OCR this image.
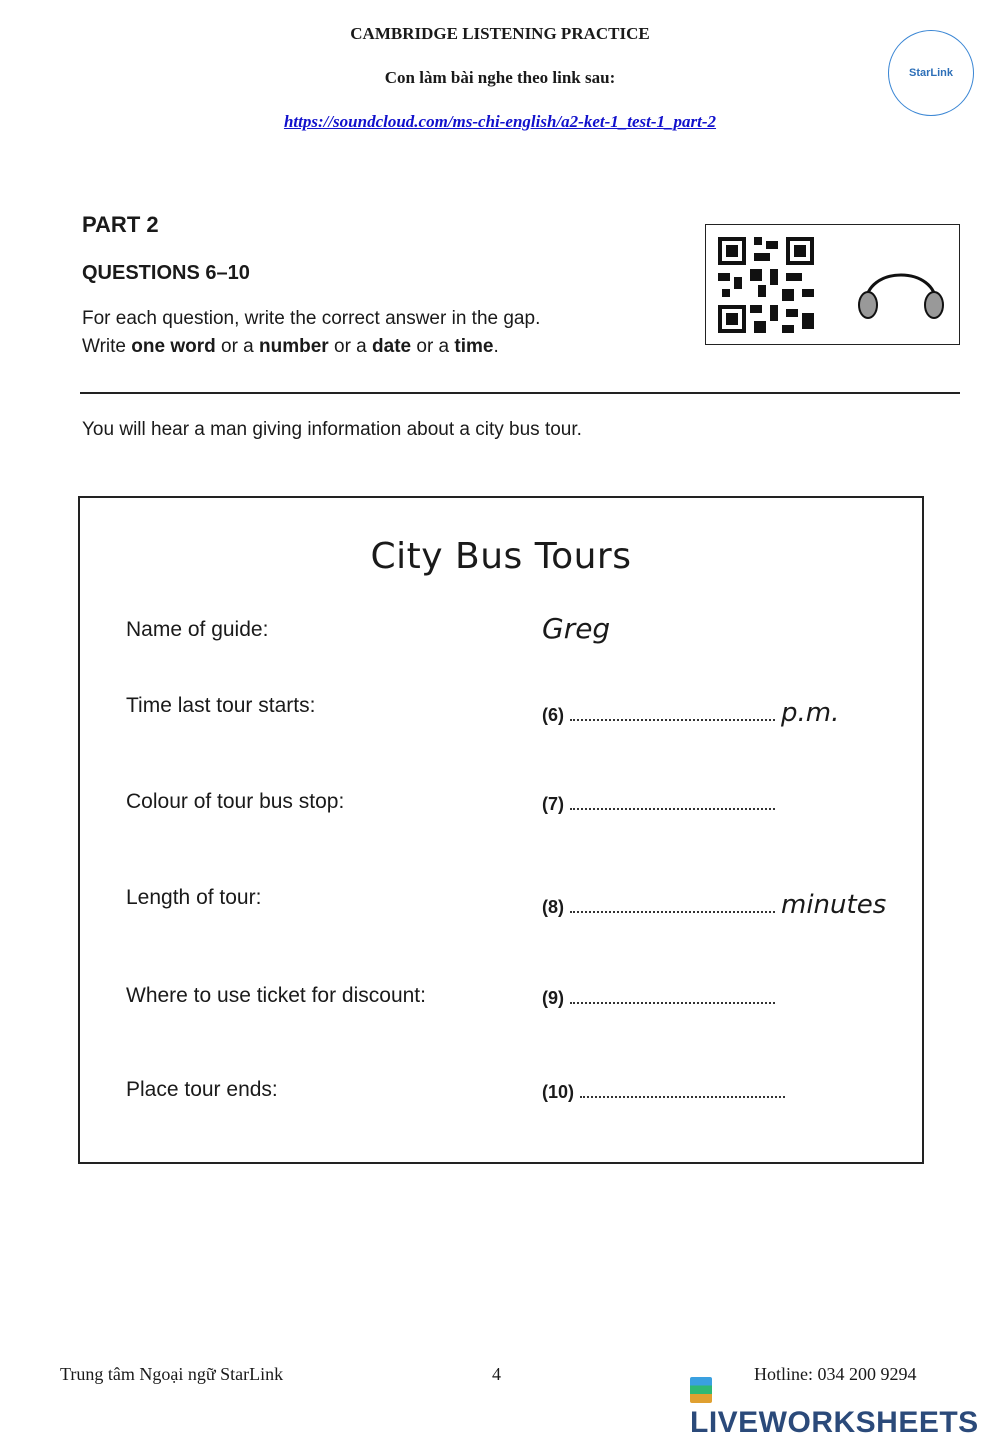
CAMBRIDGE LISTENING PRACTICE
Con làm bài nghe theo link sau:
https://soundcloud.com/ms-chi-english/a2-ket-1_test-1_part-2
StarLink
PART 2
QUESTIONS 6–10
For each question, write the correct answer in the gap.
Write one word or a number or a date or a time.
You will hear a man giving information about a city bus tour.
City Bus Tours
Name of guide:	Greg
Time last tour starts:	(6)	p.m.
Colour of tour bus stop:	(7)
Length of tour:	(8)	minutes
Where to use ticket for discount:	(9)
Place tour ends:	(10)
Trung tâm Ngoại ngữ StarLink	4	Hotline: 034 200 9294
LIVEWORKSHEETS
